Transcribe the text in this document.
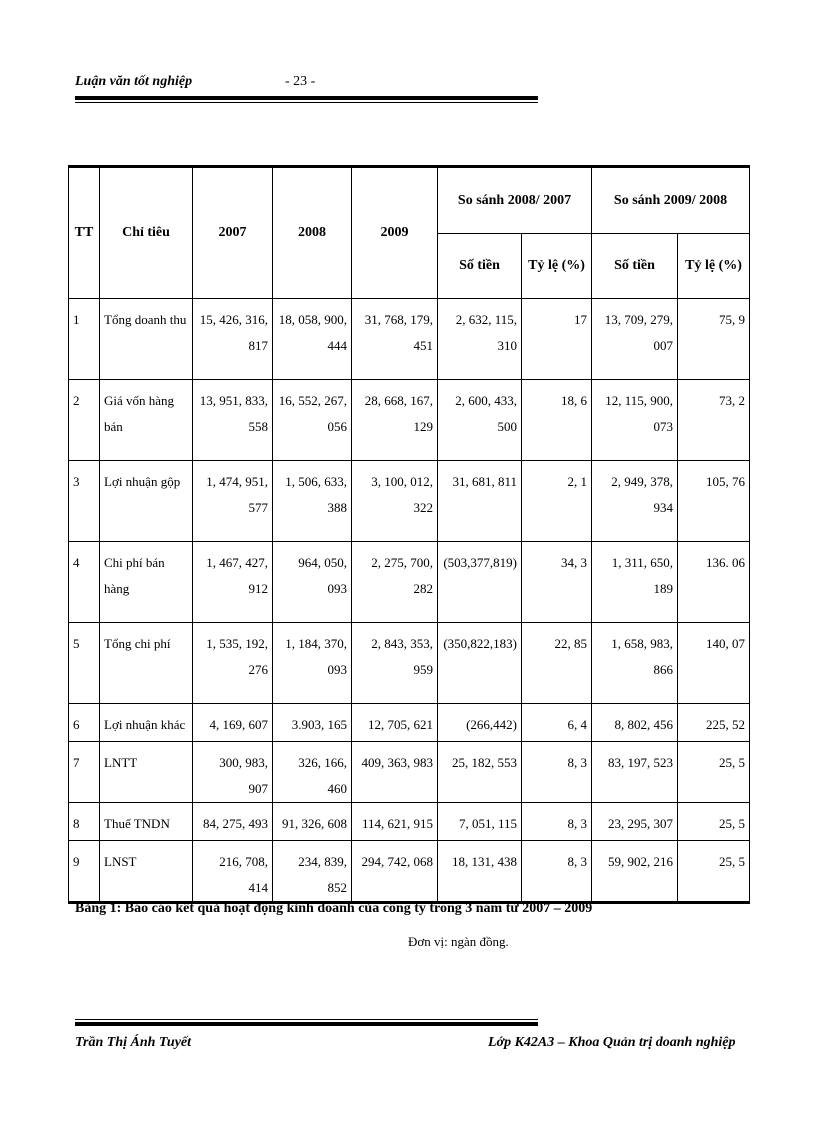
Luận văn tốt nghiệp	- 23 -
TT	Chỉ tiêu	2007	2008	2009	So sánh 2008/ 2007		So sánh 2009/ 2008	
					Số tiền	Tỷ lệ (%)	Số tiền	Tỷ lệ (%)
1	Tổng doanh thu	15, 426, 316, 817	18, 058, 900, 444	31, 768, 179, 451	2, 632, 115, 310	17	13, 709, 279, 007	75, 9
2	Giá vốn hàng bán	13, 951, 833, 558	16, 552, 267, 056	28, 668, 167, 129	2, 600, 433, 500	18, 6	12, 115, 900, 073	73, 2
3	Lợi nhuận gộp	1, 474, 951, 577	1, 506, 633, 388	3, 100, 012, 322	31, 681, 811	2, 1	2, 949, 378, 934	105, 76
4	Chi phí bán hàng	1, 467, 427, 912	964, 050, 093	2, 275, 700, 282	(503,377,819)	34, 3	1, 311, 650, 189	136. 06
5	Tổng chi phí	1, 535, 192, 276	1, 184, 370, 093	2, 843, 353, 959	(350,822,183)	22, 85	1, 658, 983, 866	140, 07
6	Lợi nhuận khác	4, 169, 607	3.903, 165	12, 705, 621	(266,442)	6, 4	8, 802, 456	225, 52
7	LNTT	300, 983, 907	326, 166, 460	409, 363, 983	25, 182, 553	8, 3	83, 197, 523	25, 5
8	Thuế TNDN	84, 275, 493	91, 326, 608	114, 621, 915	7, 051, 115	8, 3	23, 295, 307	25, 5
9	LNST	216, 708, 414	234, 839, 852	294, 742, 068	18, 131, 438	8, 3	59, 902, 216	25, 5
Bảng 1: Báo cáo kết quả hoạt động kinh doanh của công ty trong 3 năm từ 2007 – 2009
Đơn vị: ngàn đồng.
Trần Thị Ánh Tuyết	Lớp K42A3 – Khoa Quản trị doanh nghiệp
